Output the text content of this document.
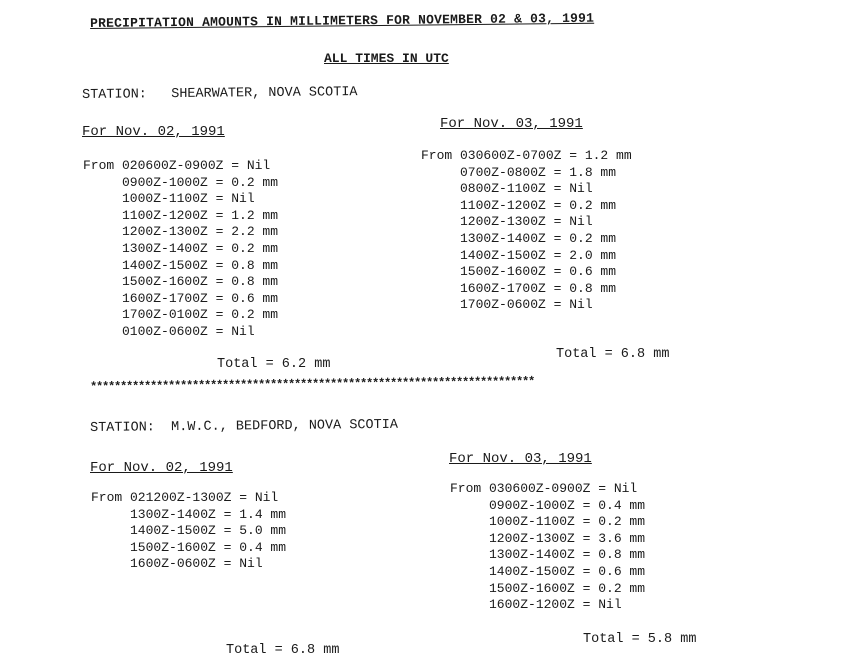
PRECIPITATION AMOUNTS IN MILLIMETERS FOR NOVEMBER 02 & 03, 1991
ALL TIMES IN UTC
STATION:   SHEARWATER, NOVA SCOTIA
For Nov. 02, 1991	For Nov. 03, 1991
From 020600Z-0900Z = Nil
0900Z-1000Z = 0.2 mm
1000Z-1100Z = Nil
1100Z-1200Z = 1.2 mm
1200Z-1300Z = 2.2 mm
1300Z-1400Z = 0.2 mm
1400Z-1500Z = 0.8 mm
1500Z-1600Z = 0.8 mm
1600Z-1700Z = 0.6 mm
1700Z-0100Z = 0.2 mm
0100Z-0600Z = Nil
From 030600Z-0700Z = 1.2 mm
0700Z-0800Z = 1.8 mm
0800Z-1100Z = Nil
1100Z-1200Z = 0.2 mm
1200Z-1300Z = Nil
1300Z-1400Z = 0.2 mm
1400Z-1500Z = 2.0 mm
1500Z-1600Z = 0.6 mm
1600Z-1700Z = 0.8 mm
1700Z-0600Z = Nil
Total = 6.2 mm
Total = 6.8 mm
**************************************************************************
STATION:  M.W.C., BEDFORD, NOVA SCOTIA
For Nov. 02, 1991
For Nov. 03, 1991
From 021200Z-1300Z = Nil
1300Z-1400Z = 1.4 mm
1400Z-1500Z = 5.0 mm
1500Z-1600Z = 0.4 mm
1600Z-0600Z = Nil
From 030600Z-0900Z = Nil
0900Z-1000Z = 0.4 mm
1000Z-1100Z = 0.2 mm
1200Z-1300Z = 3.6 mm
1300Z-1400Z = 0.8 mm
1400Z-1500Z = 0.6 mm
1500Z-1600Z = 0.2 mm
1600Z-1200Z = Nil
Total = 6.8 mm
Total = 5.8 mm
